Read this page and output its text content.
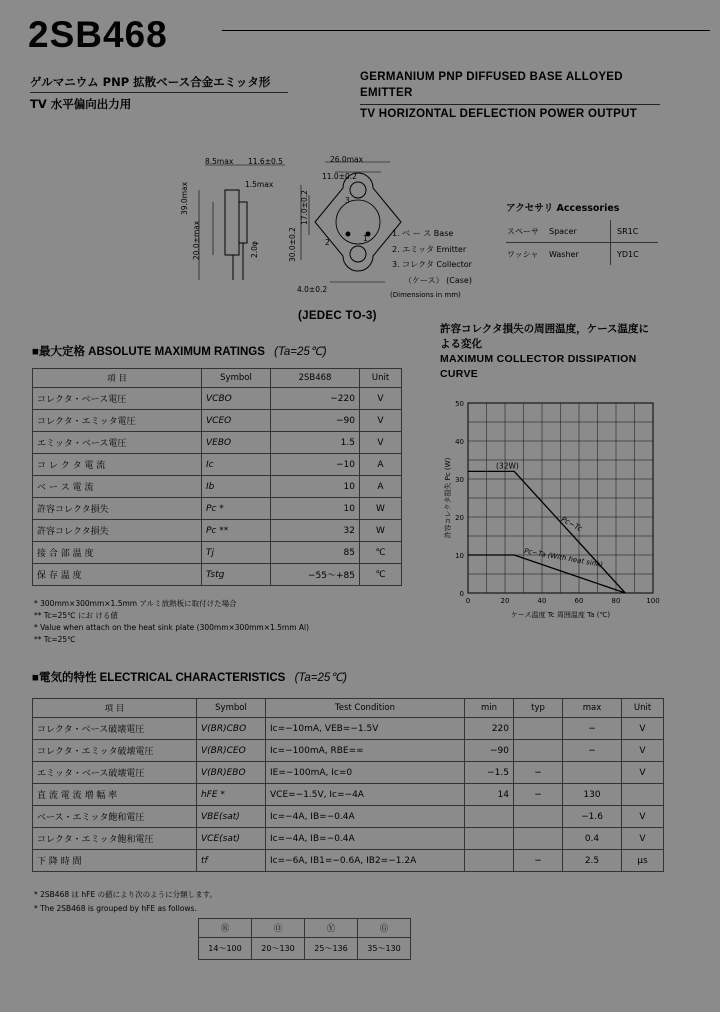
2SB468
ゲルマニウム PNP 拡散ベース合金エミッタ形
TV 水平偏向出力用
GERMANIUM PNP DIFFUSED BASE ALLOYED
EMITTER
TV HORIZONTAL DEFLECTION POWER OUTPUT
8.5max 11.6±0.5	26.0max
11.0±0.2
1.5max
39.0max
20.0±max
17.0±0.2
30.0±0.2
2.0φ
4.0±0.2
3
2	1
1. ベ ー ス Base
2. エミッタ Emitter
3. コレクタ Collector
（ケース） (Case)
(Dimensions in mm)
(JEDEC TO-3)
アクセサリ Accessories
スペーサ	Spacer	SR1C
ワッシャ	Washer	YD1C
■最大定格 ABSOLUTE MAXIMUM RATINGS (Ta=25℃)
項 目	Symbol	2SB468	Unit
コレクタ・ベース電圧	VCBO	−220	V
コレクタ・エミッタ電圧	VCEO	−90	V
エミッタ・ベース電圧	VEBO	1.5	V
コ レ ク タ 電 流	Ic	−10	A
ベ ー ス 電 流	Ib	10	A
許容コレクタ損失	Pc *	10	W
許容コレクタ損失	Pc **	32	W
接 合 部 温 度	Tj	85	℃
保 存 温 度	Tstg	−55〜+85	℃
* 300mm×300mm×1.5mm アルミ放熱板に取付けた場合
** Tc=25℃ にお ける値
* Value when attach on the heat sink plate (300mm×300mm×1.5mm Al)
** Tc=25℃
許容コレクタ損失の周囲温度，ケース温度に
よる変化
MAXIMUM COLLECTOR DISSIPATION
CURVE
0	20	40	60	80	100
0
10
20
30
40
50
(32W)
Pc−Tc
Pc−Ta (With heat sink)
ケース温度 Tc 周囲温度 Ta (℃)
許容コレクタ損失 Pc (W)
■電気的特性 ELECTRICAL CHARACTERISTICS (Ta=25℃)
項 目	Symbol	Test Condition	min	typ	max	Unit
コレクタ・ベース破壊電圧	V(BR)CBO	Ic=−10mA, VEB=−1.5V	220		−	V
コレクタ・エミッタ破壊電圧	V(BR)CEO	Ic=−100mA, RBE=∞	−90		−	V
エミッタ・ベース破壊電圧	V(BR)EBO	IE=−100mA, Ic=0	−1.5	−		V
直 流 電 流 増 幅 率	hFE *	VCE=−1.5V, Ic=−4A	14	−	130	
ベース・エミッタ飽和電圧	VBE(sat)	Ic=−4A, IB=−0.4A			−1.6	V
コレクタ・エミッタ飽和電圧	VCE(sat)	Ic=−4A, IB=−0.4A			0.4	V
下 降 時 間	tf	Ic=−6A, IB1=−0.6A, IB2=−1.2A		−	2.5	μs
* 2SB468 は hFE の値により次のように分類します。
* The 2SB468 is grouped by hFE as follows.
Ⓡ	Ⓞ	Ⓨ	Ⓖ
14〜100	20〜130	25〜136	35〜130
